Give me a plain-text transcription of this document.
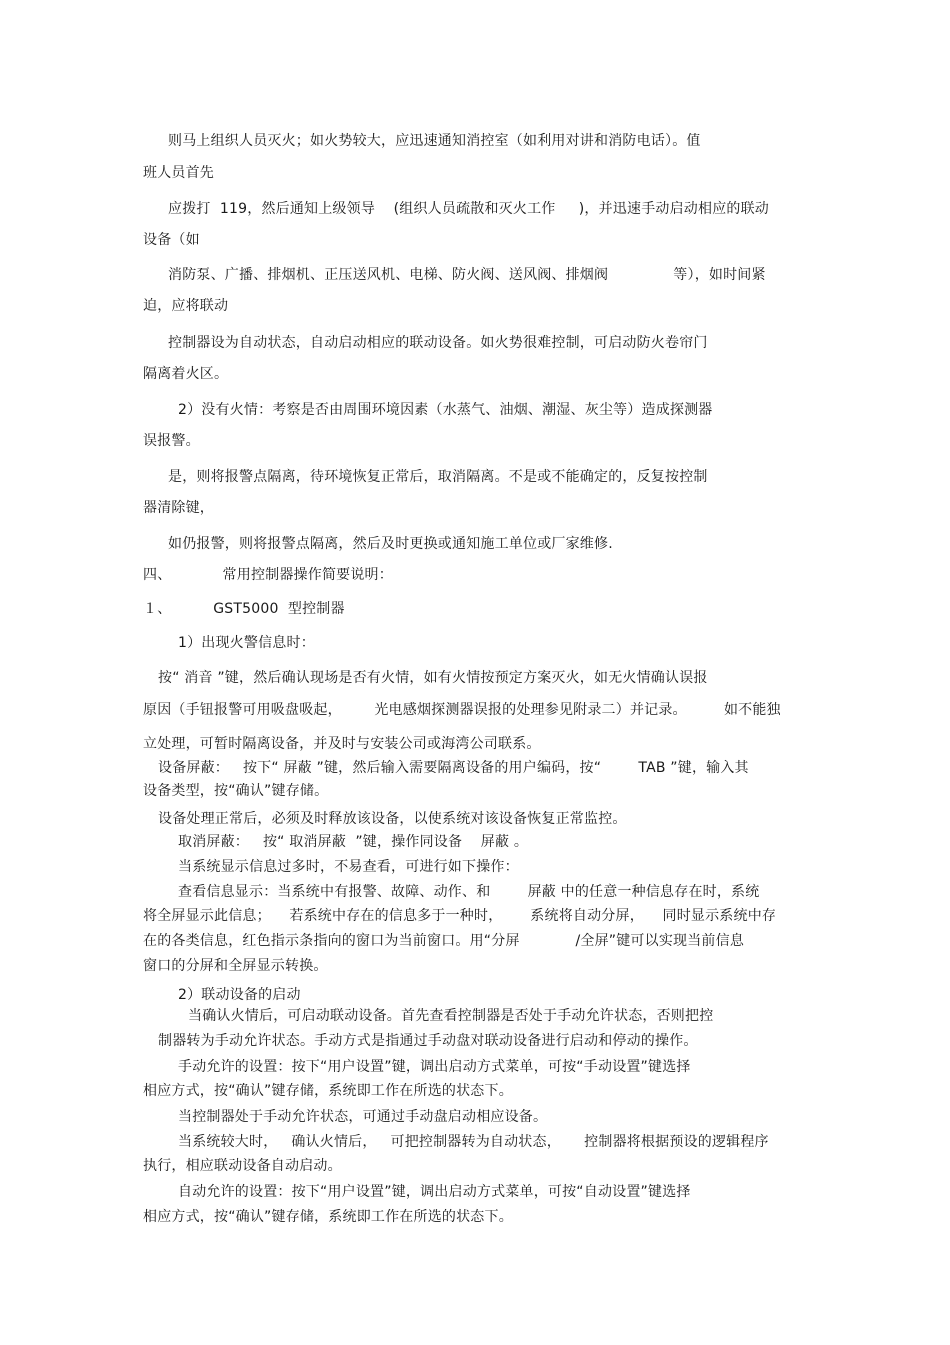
则马上组织人员灭火；如火势较大，应迅速通知消控室（如利用对讲和消防电话）。值
班人员首先
应拨打  119，然后通知上级领导    (组织人员疏散和灭火工作     )，并迅速手动启动相应的联动
设备（如
消防泵、广播、排烟机、正压送风机、电梯、防火阀、送风阀、排烟阀              等），如时间紧
迫，应将联动
控制器设为自动状态，自动启动相应的联动设备。如火势很难控制，可启动防火卷帘门
隔离着火区。
2）没有火情：考察是否由周围环境因素（水蒸气、油烟、潮湿、灰尘等）造成探测器
误报警。
是，则将报警点隔离，待环境恢复正常后，取消隔离。不是或不能确定的，反复按控制
器清除键，
如仍报警，则将报警点隔离，然后及时更换或通知施工单位或厂家维修.
四、           常用控制器操作简要说明：
１、         GST5000  型控制器
1）出现火警信息时：
按“ 消音 ”键，然后确认现场是否有火情，如有火情按预定方案灭火，如无火情确认误报
原因（手钮报警可用吸盘吸起，       光电感烟探测器误报的处理参见附录二）并记录。        如不能独
立处理，可暂时隔离设备，并及时与安装公司或海湾公司联系。
设备屏蔽：   按下“ 屏蔽 ”键，然后输入需要隔离设备的用户编码，按“        TAB ”键，输入其
设备类型，按“确认”键存储。
设备处理正常后，必须及时释放该设备，以使系统对该设备恢复正常监控。
取消屏蔽：   按“ 取消屏蔽  ”键，操作同设备    屏蔽 。
当系统显示信息过多时，不易查看，可进行如下操作：
查看信息显示：当系统中有报警、故障、动作、和        屏蔽 中的任意一种信息存在时，系统
将全屏显示此信息；    若系统中存在的信息多于一种时，      系统将自动分屏，    同时显示系统中存
在的各类信息，红色指示条指向的窗口为当前窗口。用“分屏            /全屏”键可以实现当前信息
窗口的分屏和全屏显示转换。
2）联动设备的启动
当确认火情后，可启动联动设备。首先查看控制器是否处于手动允许状态，否则把控
制器转为手动允许状态。手动方式是指通过手动盘对联动设备进行启动和停动的操作。
手动允许的设置：按下“用户设置”键，调出启动方式菜单，可按“手动设置”键选择
相应方式，按“确认”键存储，系统即工作在所选的状态下。
当控制器处于手动允许状态，可通过手动盘启动相应设备。
当系统较大时，   确认火情后，   可把控制器转为自动状态，     控制器将根据预设的逻辑程序
执行，相应联动设备自动启动。
自动允许的设置：按下“用户设置”键，调出启动方式菜单，可按“自动设置”键选择
相应方式，按“确认”键存储，系统即工作在所选的状态下。
